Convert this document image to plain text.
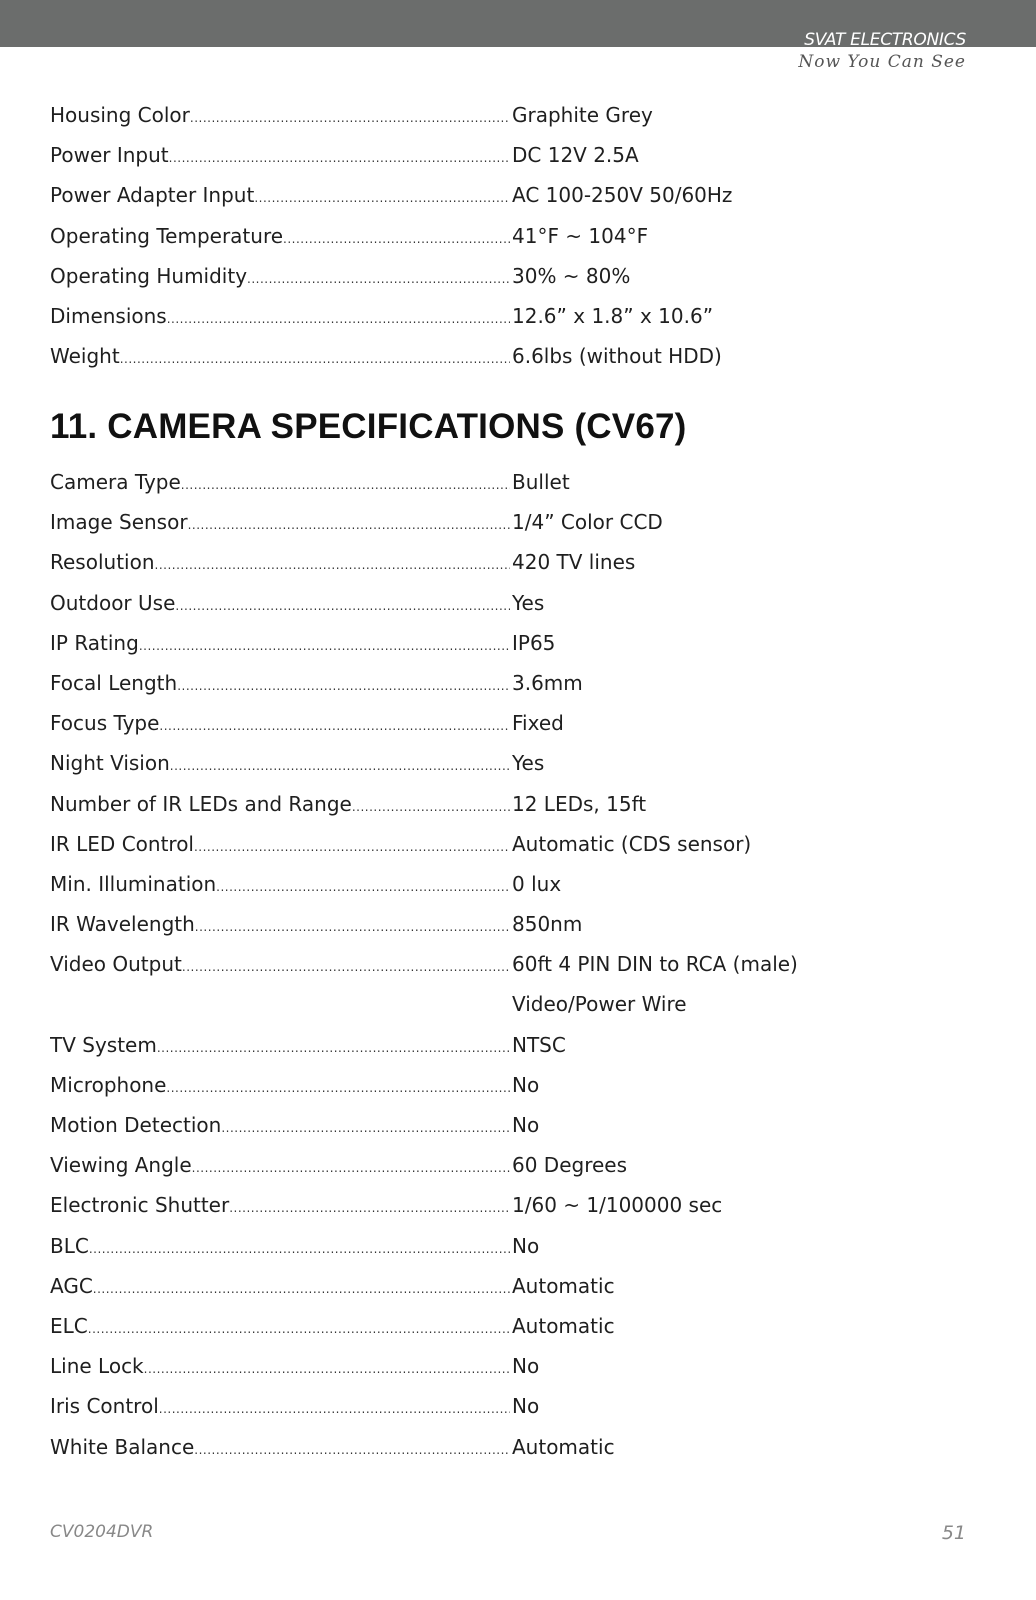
SVAT ELECTRONICS
Now You Can See
Housing Color .....	Graphite Grey
Power Input .....	DC 12V 2.5A
Power Adapter Input .....	AC 100-250V 50/60Hz
Operating Temperature .....	41°F ~ 104°F
Operating Humidity .....	30% ~ 80%
Dimensions .....	12.6” x 1.8” x 10.6”
Weight .....	6.6lbs (without HDD)
11. CAMERA SPECIFICATIONS (CV67)
Camera Type .....	Bullet
Image Sensor .....	1/4” Color CCD
Resolution .....	420 TV lines
Outdoor Use .....	Yes
IP Rating .....	IP65
Focal Length .....	3.6mm
Focus Type .....	Fixed
Night Vision .....	Yes
Number of IR LEDs and Range .....	12 LEDs, 15ft
IR LED Control .....	Automatic (CDS sensor)
Min. Illumination .....	0 lux
IR Wavelength .....	850nm
Video Output .....	60ft 4 PIN DIN to RCA (male)
Video/Power Wire
TV System .....	NTSC
Microphone .....	No
Motion Detection .....	No
Viewing Angle .....	60 Degrees
Electronic Shutter .....	1/60 ~ 1/100000 sec
BLC .....	No
AGC .....	Automatic
ELC .....	Automatic
Line Lock .....	No
Iris Control .....	No
White Balance .....	Automatic
CV0204DVR	51
